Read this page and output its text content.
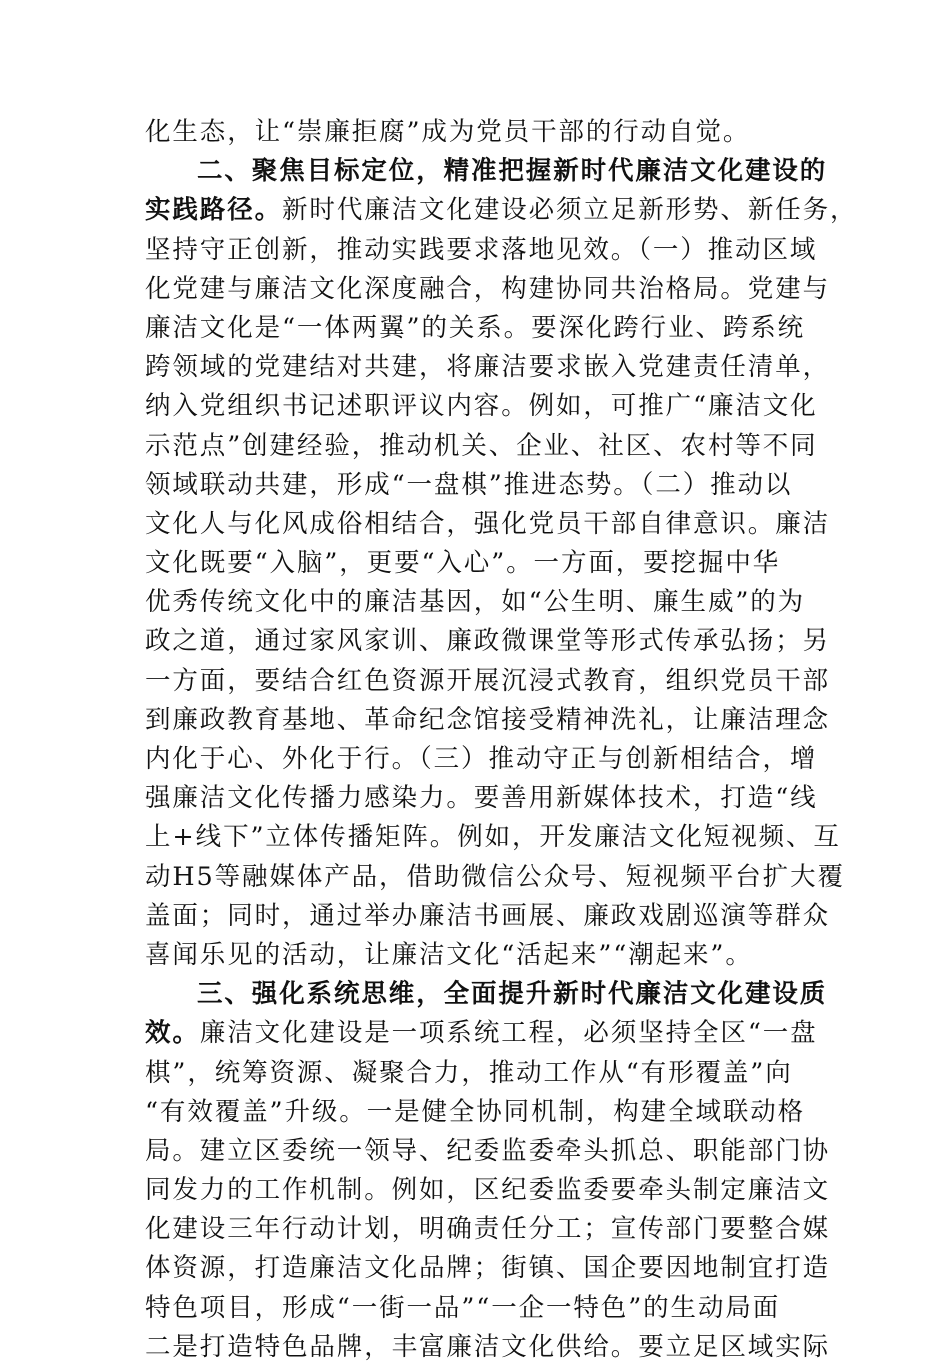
化生态，让“崇廉拒腐”成为党员干部的行动自觉。
二、聚焦目标定位，精准把握新时代廉洁文化建设的
实践路径。新时代廉洁文化建设必须立足新形势、新任务，
坚持守正创新，推动实践要求落地见效。（一）推动区域
化党建与廉洁文化深度融合，构建协同共治格局。党建与
廉洁文化是“一体两翼”的关系。要深化跨行业、跨系统
跨领域的党建结对共建，将廉洁要求嵌入党建责任清单，
纳入党组织书记述职评议内容。例如，可推广“廉洁文化
示范点”创建经验，推动机关、企业、社区、农村等不同
领域联动共建，形成“一盘棋”推进态势。（二）推动以
文化人与化风成俗相结合，强化党员干部自律意识。廉洁
文化既要“入脑”，更要“入心”。一方面，要挖掘中华
优秀传统文化中的廉洁基因，如“公生明、廉生威”的为
政之道，通过家风家训、廉政微课堂等形式传承弘扬；另
一方面，要结合红色资源开展沉浸式教育，组织党员干部
到廉政教育基地、革命纪念馆接受精神洗礼，让廉洁理念
内化于心、外化于行。（三）推动守正与创新相结合，增
强廉洁文化传播力感染力。要善用新媒体技术，打造“线
上+线下”立体传播矩阵。例如，开发廉洁文化短视频、互
动H5等融媒体产品，借助微信公众号、短视频平台扩大覆
盖面；同时，通过举办廉洁书画展、廉政戏剧巡演等群众
喜闻乐见的活动，让廉洁文化“活起来”“潮起来”。
三、强化系统思维，全面提升新时代廉洁文化建设质
效。廉洁文化建设是一项系统工程，必须坚持全区“一盘
棋”，统筹资源、凝聚合力，推动工作从“有形覆盖”向
“有效覆盖”升级。一是健全协同机制，构建全域联动格
局。建立区委统一领导、纪委监委牵头抓总、职能部门协
同发力的工作机制。例如，区纪委监委要牵头制定廉洁文
化建设三年行动计划，明确责任分工；宣传部门要整合媒
体资源，打造廉洁文化品牌；街镇、国企要因地制宜打造
特色项目，形成“一街一品”“一企一特色”的生动局面
二是打造特色品牌，丰富廉洁文化供给。要立足区域实际
